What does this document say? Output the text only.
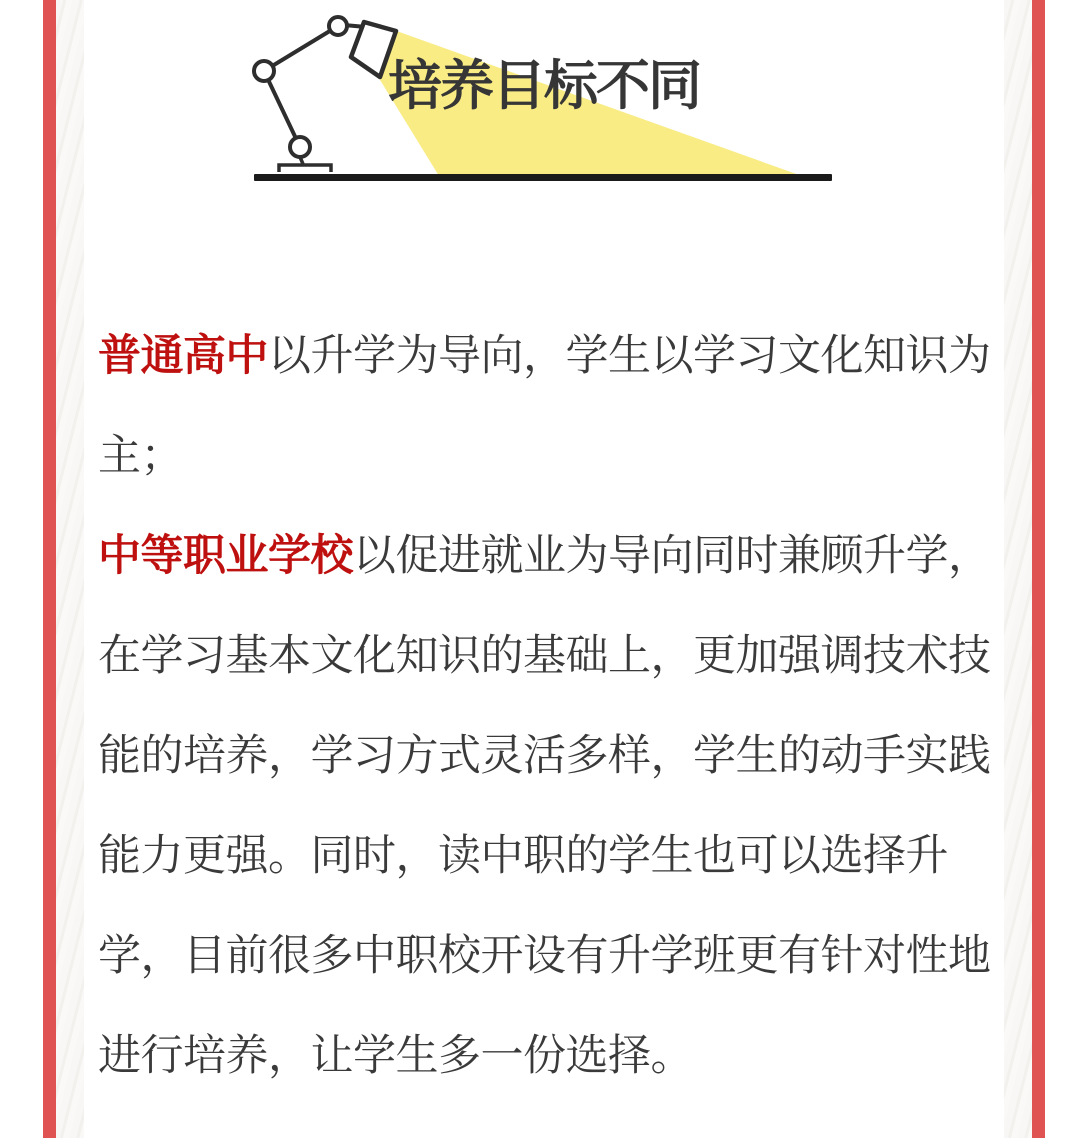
培养目标不同

普通高中以升学为导向，学生以学习文化知识为主；

中等职业学校以促进就业为导向同时兼顾升学，在学习基本文化知识的基础上，更加强调技术技能的培养，学习方式灵活多样，学生的动手实践能力更强。同时，读中职的学生也可以选择升学，目前很多中职校开设有升学班更有针对性地进行培养，让学生多一份选择。
